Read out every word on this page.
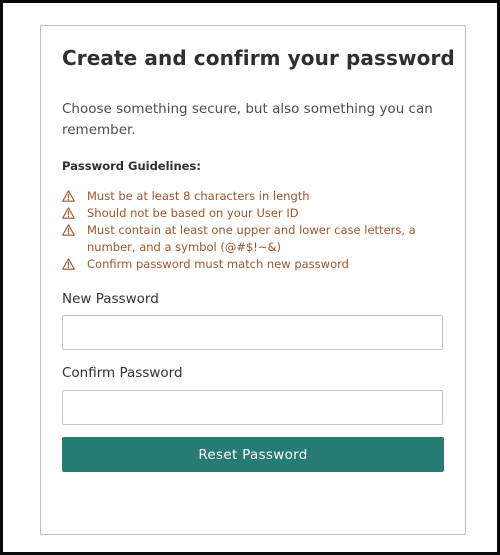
Create and confirm your password

Choose something secure, but also something you can remember.

Password Guidelines:

Must be at least 8 characters in length
Should not be based on your User ID
Must contain at least one upper and lower case letters, a number, and a symbol (@#$!~&)
Confirm password must match new password
New Password
Confirm Password
Reset Password
